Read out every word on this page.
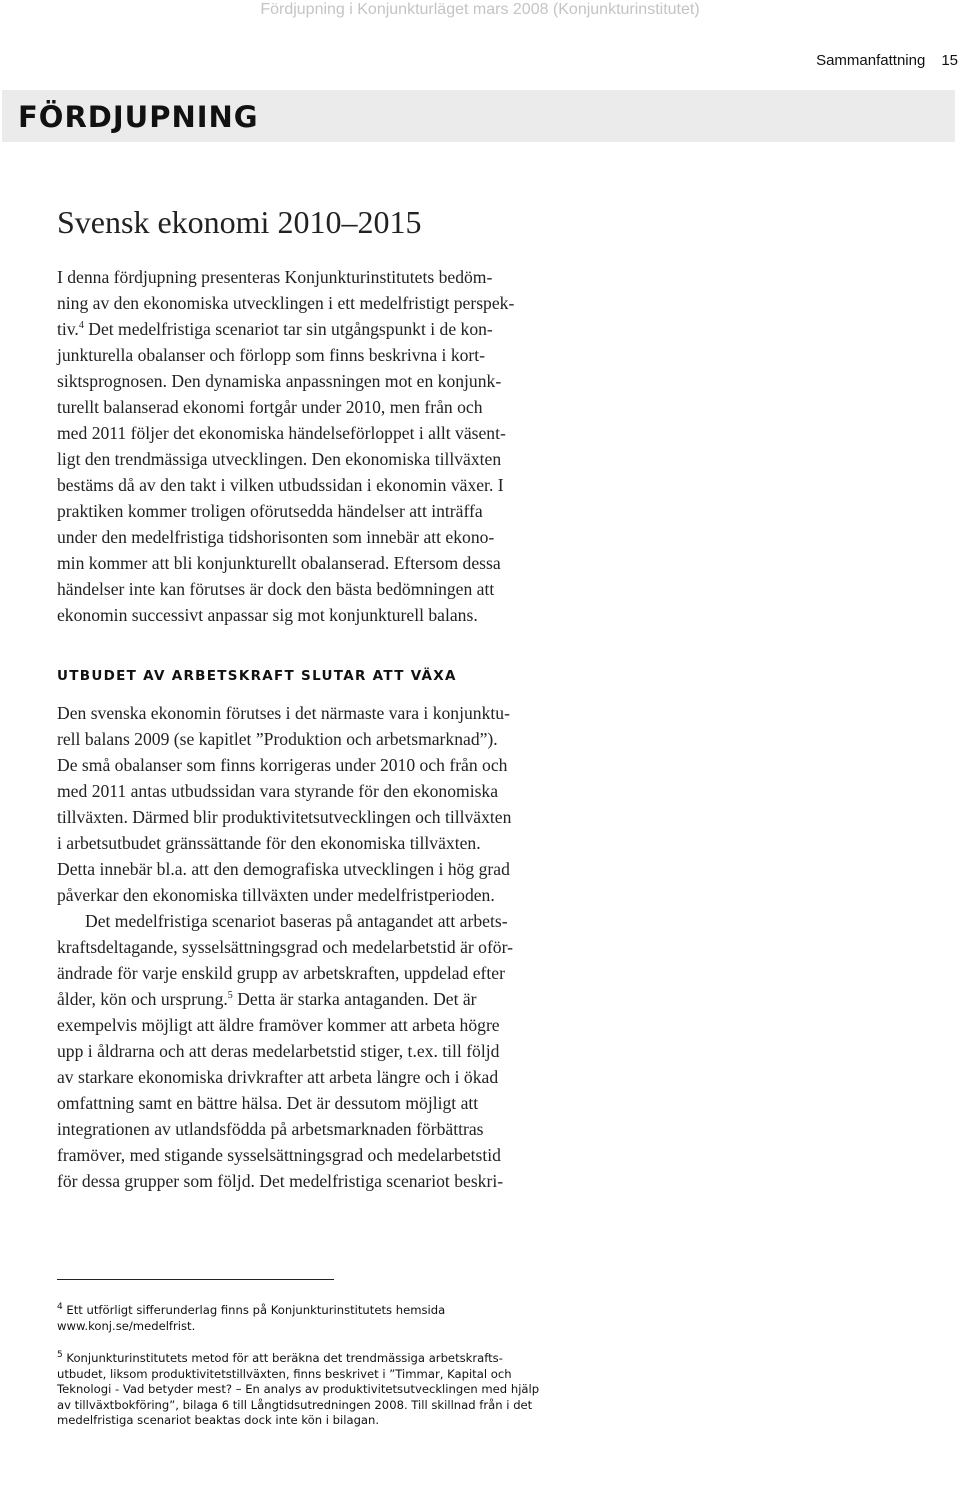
Fördjupning i Konjunkturläget mars 2008 (Konjunkturinstitutet)
Sammanfattning 15
FÖRDJUPNING
Svensk ekonomi 2010–2015
I denna fördjupning presenteras Konjunkturinstitutets bedöm-
ning av den ekonomiska utvecklingen i ett medelfristigt perspek-
tiv.$^4$ Det medelfristiga scenariot tar sin utgångspunkt i de kon-
junkturella obalanser och förlopp som finns beskrivna i kort-
siktsprognosen. Den dynamiska anpassningen mot en konjunk-
turellt balanserad ekonomi fortgår under 2010, men från och
med 2011 följer det ekonomiska händelseförloppet i allt väsent-
ligt den trendmässiga utvecklingen. Den ekonomiska tillväxten
bestäms då av den takt i vilken utbudssidan i ekonomin växer. I
praktiken kommer troligen oförutsedda händelser att inträffa
under den medelfristiga tidshorisonten som innebär att ekono-
min kommer att bli konjunkturellt obalanserad. Eftersom dessa
händelser inte kan förutses är dock den bästa bedömningen att
ekonomin successivt anpassar sig mot konjunkturell balans.
UTBUDET AV ARBETSKRAFT SLUTAR ATT VÄXA
Den svenska ekonomin förutses i det närmaste vara i konjunktu-
rell balans 2009 (se kapitlet ”Produktion och arbetsmarknad”).
De små obalanser som finns korrigeras under 2010 och från och
med 2011 antas utbudssidan vara styrande för den ekonomiska
tillväxten. Därmed blir produktivitetsutvecklingen och tillväxten
i arbetsutbudet gränssättande för den ekonomiska tillväxten.
Detta innebär bl.a. att den demografiska utvecklingen i hög grad
påverkar den ekonomiska tillväxten under medelfristperioden.
Det medelfristiga scenariot baseras på antagandet att arbets-
kraftsdeltagande, sysselsättningsgrad och medelarbetstid är oför-
ändrade för varje enskild grupp av arbetskraften, uppdelad efter
ålder, kön och ursprung.$^5$ Detta är starka antaganden. Det är
exempelvis möjligt att äldre framöver kommer att arbeta högre
upp i åldrarna och att deras medelarbetstid stiger, t.ex. till följd
av starkare ekonomiska drivkrafter att arbeta längre och i ökad
omfattning samt en bättre hälsa. Det är dessutom möjligt att
integrationen av utlandsfödda på arbetsmarknaden förbättras
framöver, med stigande sysselsättningsgrad och medelarbetstid
för dessa grupper som följd. Det medelfristiga scenariot beskri-
$^4$ Ett utförligt sifferunderlag finns på Konjunkturinstitutets hemsida
www.konj.se/medelfrist.
$^5$ Konjunkturinstitutets metod för att beräkna det trendmässiga arbetskrafts-
utbudet, liksom produktivitetstillväxten, finns beskrivet i ”Timmar, Kapital och
Teknologi - Vad betyder mest? – En analys av produktivitetsutvecklingen med hjälp
av tillväxtbokföring”, bilaga 6 till Långtidsutredningen 2008. Till skillnad från i det
medelfristiga scenariot beaktas dock inte kön i bilagan.
